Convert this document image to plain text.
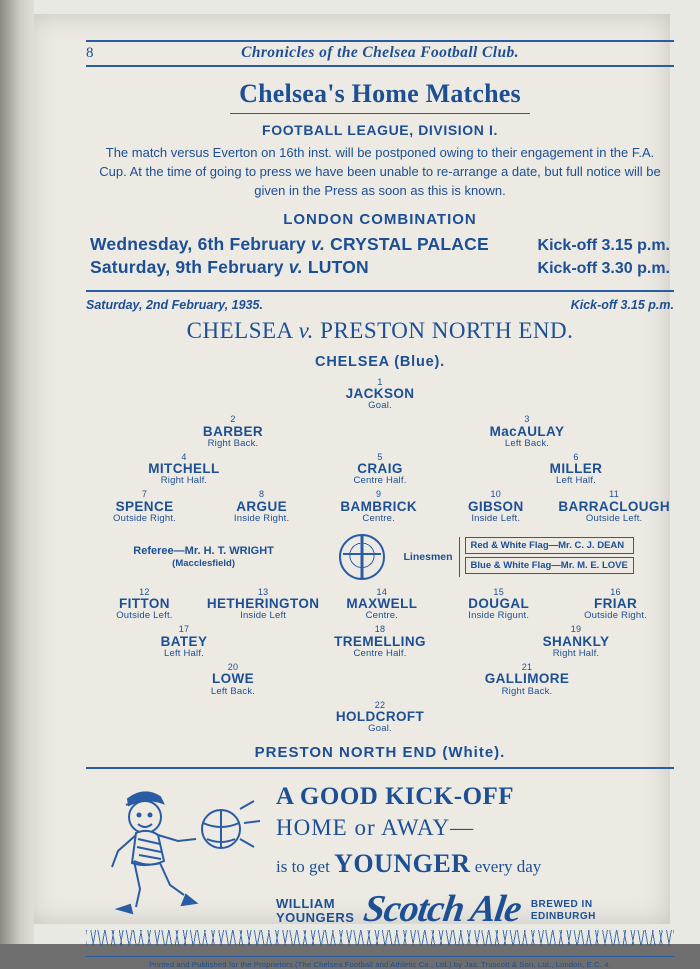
8	Chronicles of the Chelsea Football Club.
Chelsea's Home Matches
FOOTBALL LEAGUE, DIVISION I.
The match versus Everton on 16th inst. will be postponed owing to their engagement in the F.A. Cup. At the time of going to press we have been unable to re-arrange a date, but full notice will be given in the Press as soon as this is known.
LONDON COMBINATION
Wednesday, 6th February v. CRYSTAL PALACE	Kick-off 3.15 p.m.
Saturday, 9th February v. LUTON	Kick-off 3.30 p.m.
Saturday, 2nd February, 1935.	Kick-off 3.15 p.m.
CHELSEA v. PRESTON NORTH END.
CHELSEA (Blue).
1
JACKSON
Goal.
2
BARBER
Right Back.
3
MacAULAY
Left Back.
4
MITCHELL
Right Half.
5
CRAIG
Centre Half.
6
MILLER
Left Half.
7
SPENCE
Outside Right.
8
ARGUE
Inside Right.
9
BAMBRICK
Centre.
10
GIBSON
Inside Left.
11
BARRACLOUGH
Outside Left.
Referee—Mr. H. T. WRIGHT
(Macclesfield)
Linesmen
Red & White Flag—Mr. C. J. DEAN
Blue & White Flag—Mr. M. E. LOVE
12
FITTON
Outside Left.
13
HETHERINGTON
Inside Left
14
MAXWELL
Centre.
15
DOUGAL
Inside Rigunt.
16
FRIAR
Outside Right.
17
BATEY
Left Half.
18
TREMELLING
Centre Half.
19
SHANKLY
Right Half.
20
LOWE
Left Back.
21
GALLIMORE
Right Back.
22
HOLDCROFT
Goal.
PRESTON NORTH END (White).
A GOOD KICK-OFF
HOME or AWAY—
is to get YOUNGER every day
WILLIAM
YOUNGERS Scotch Ale BREWED IN
EDINBURGH
Printed and Published for the Proprietors (The Chelsea Football and Athletic Co., Ltd.) by Jas. Truscott & Son, Ltd., London, E.C. 4.
